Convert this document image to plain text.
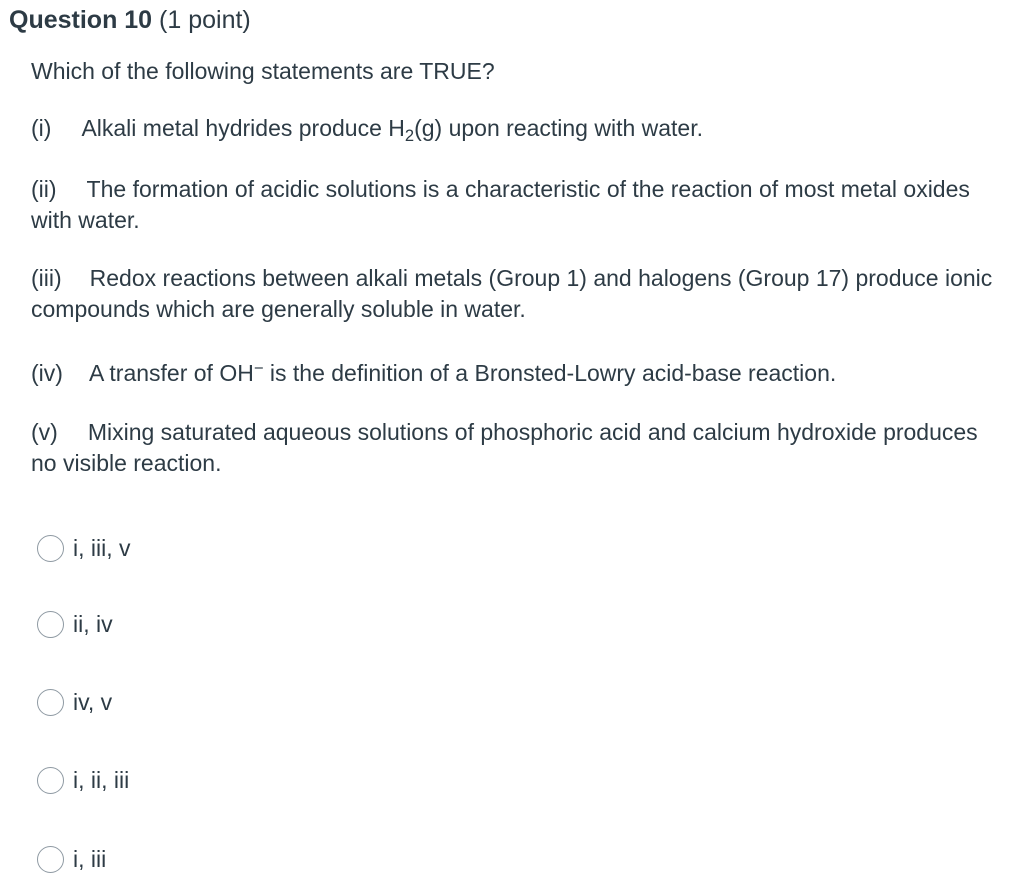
Question 10 (1 point)
Which of the following statements are TRUE?
(i) Alkali metal hydrides produce $H_2(g)$ upon reacting with water.
(ii) The formation of acidic solutions is a characteristic of the reaction of most metal oxides with water.
(iii) Redox reactions between alkali metals (Group 1) and halogens (Group 17) produce ionic compounds which are generally soluble in water.
(iv) A transfer of OH− is the definition of a Bronsted-Lowry acid-base reaction.
(v) Mixing saturated aqueous solutions of phosphoric acid and calcium hydroxide produces no visible reaction.
i, iii, v
ii, iv
iv, v
i, ii, iii
i, iii
